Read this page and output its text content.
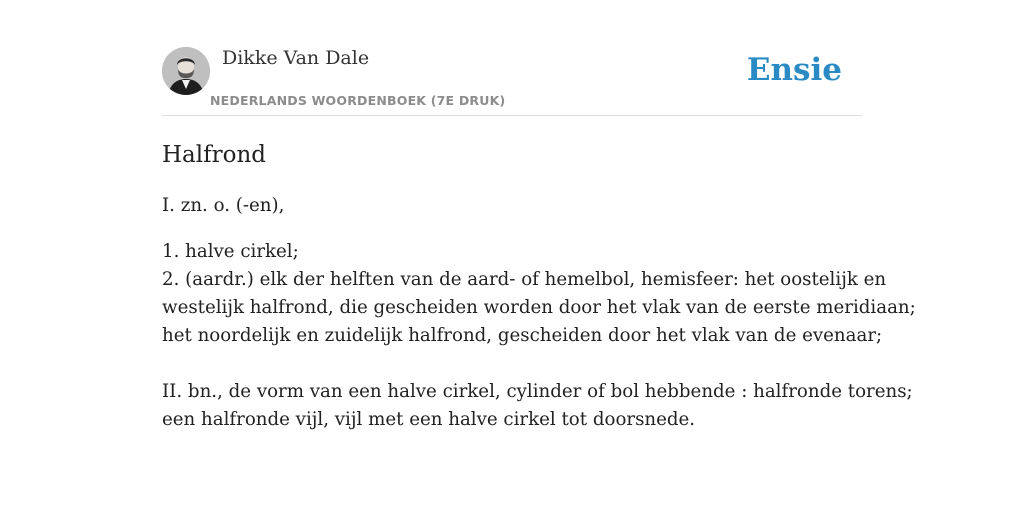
Dikke Van Dale
NEDERLANDS WOORDENBOEK (7E DRUK)
Ensie
Halfrond

I. zn. o. (-en),

1. halve cirkel;

2. (aardr.) elk der helften van de aard- of hemelbol, hemisfeer: het oostelijk en

westelijk halfrond, die gescheiden worden door het vlak van de eerste meridiaan;

het noordelijk en zuidelijk halfrond, gescheiden door het vlak van de evenaar;

II. bn., de vorm van een halve cirkel, cylinder of bol hebbende : halfronde torens;

een halfronde vijl, vijl met een halve cirkel tot doorsnede.
